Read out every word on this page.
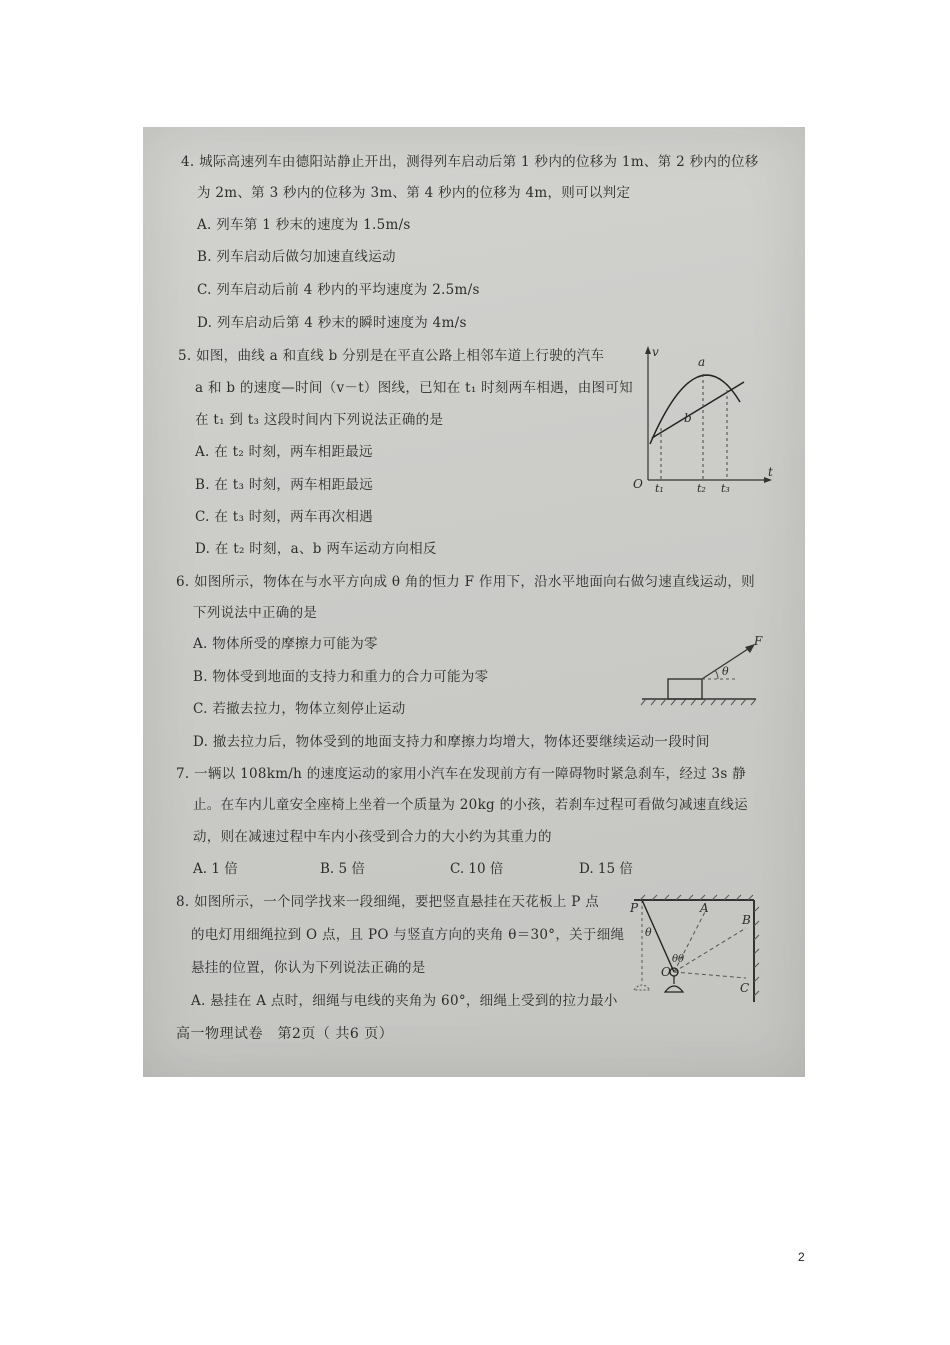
4. 城际高速列车由德阳站静止开出，测得列车启动后第 1 秒内的位移为 1m、第 2 秒内的位移
为 2m、第 3 秒内的位移为 3m、第 4 秒内的位移为 4m，则可以判定
A. 列车第 1 秒末的速度为 1.5m/s
B. 列车启动后做匀加速直线运动
C. 列车启动后前 4 秒内的平均速度为 2.5m/s
D. 列车启动后第 4 秒末的瞬时速度为 4m/s
5. 如图，曲线 a 和直线 b 分别是在平直公路上相邻车道上行驶的汽车
a 和 b 的速度—时间（v－t）图线，已知在 t₁ 时刻两车相遇，由图可知
在 t₁ 到 t₃ 这段时间内下列说法正确的是
A. 在 t₂ 时刻，两车相距最远
B. 在 t₃ 时刻，两车相距最远
C. 在 t₃ 时刻，两车再次相遇
D. 在 t₂ 时刻，a、b 两车运动方向相反
v
t
O
a
b
t₁	t₂ t₃
6. 如图所示，物体在与水平方向成 θ 角的恒力 F 作用下，沿水平地面向右做匀速直线运动，则
下列说法中正确的是
A. 物体所受的摩擦力可能为零
B. 物体受到地面的支持力和重力的合力可能为零
C. 若撤去拉力，物体立刻停止运动
D. 撤去拉力后，物体受到的地面支持力和摩擦力均增大，物体还要继续运动一段时间
F
θ
7. 一辆以 108km/h 的速度运动的家用小汽车在发现前方有一障碍物时紧急刹车，经过 3s 静
止。在车内儿童安全座椅上坐着一个质量为 20kg 的小孩，若刹车过程可看做匀减速直线运
动，则在减速过程中车内小孩受到合力的大小约为其重力的
A. 1 倍	B. 5 倍	C. 10 倍	D. 15 倍
8. 如图所示，一个同学找来一段细绳，要把竖直悬挂在天花板上 P 点
的电灯用细绳拉到 O 点，且 PO 与竖直方向的夹角 θ＝30°，关于细绳
悬挂的位置，你认为下列说法正确的是
A. 悬挂在 A 点时，细绳与电线的夹角为 60°，细绳上受到的拉力最小
P	A
B
C
O
θ
θθ
高一物理试卷　第2页（ 共6 页）
2
